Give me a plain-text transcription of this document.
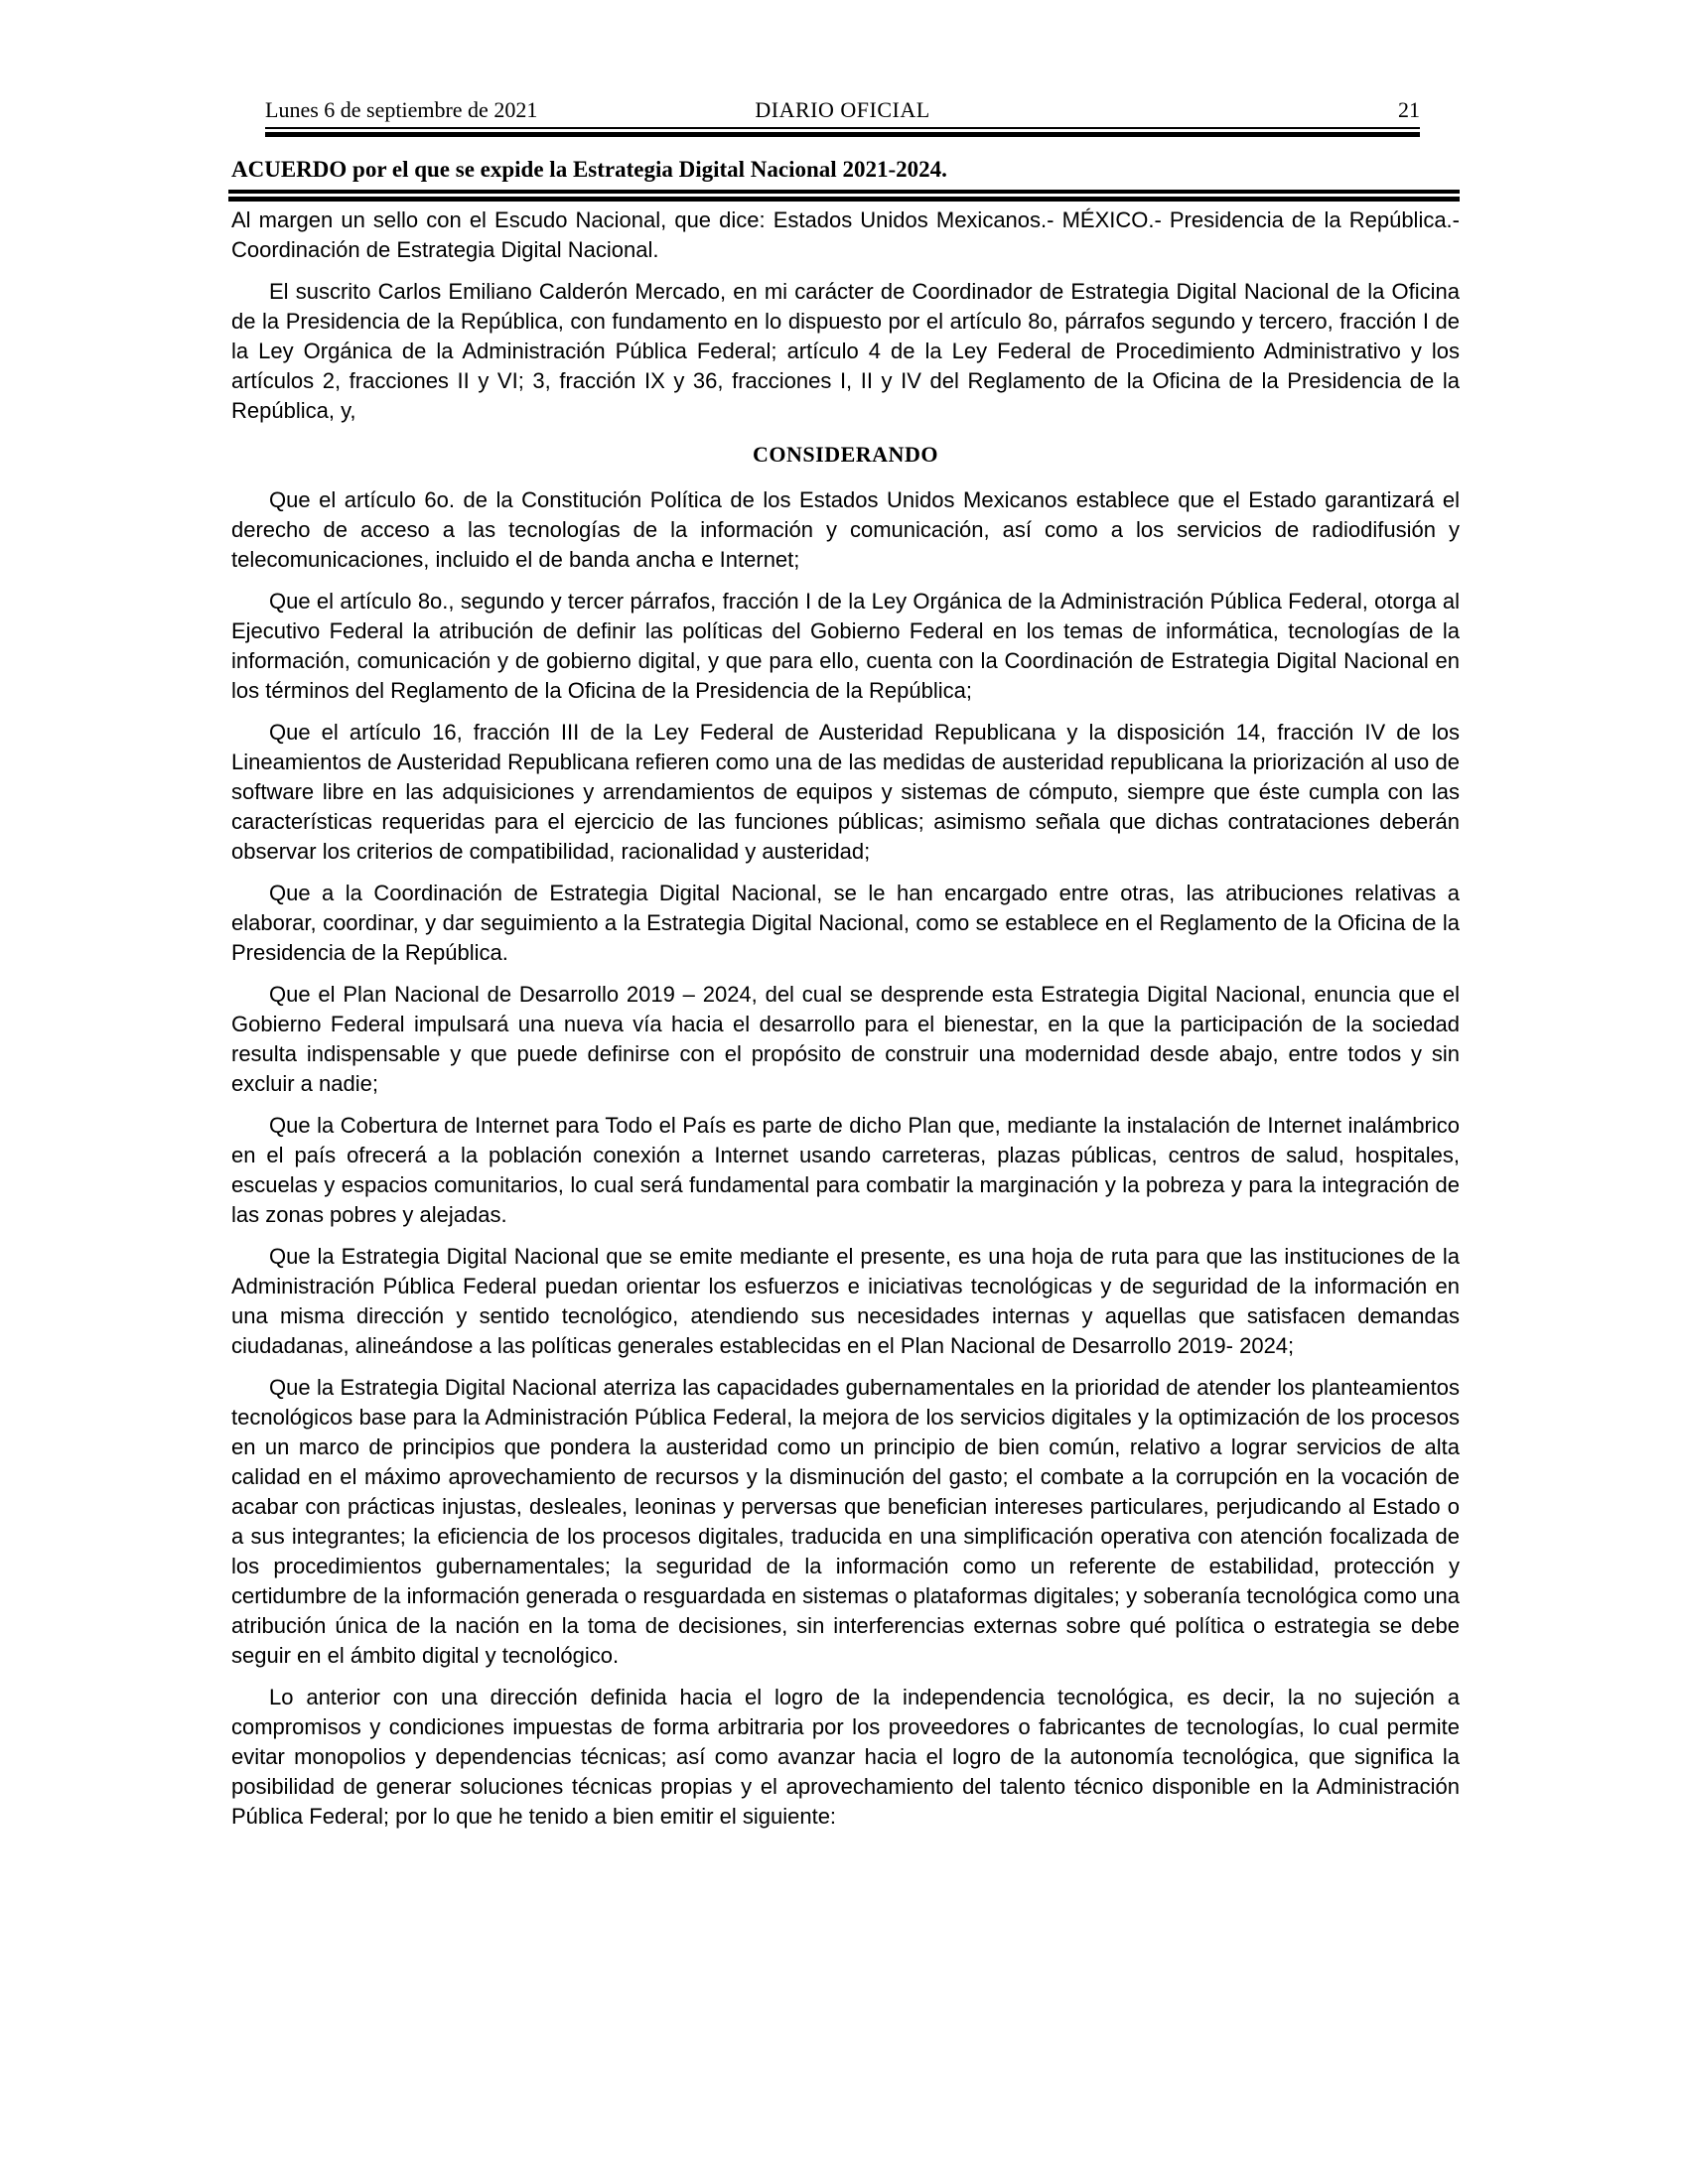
Lunes 6 de septiembre de 2021	DIARIO OFICIAL	21
ACUERDO por el que se expide la Estrategia Digital Nacional 2021-2024.

Al margen un sello con el Escudo Nacional, que dice: Estados Unidos Mexicanos.- MÉXICO.- Presidencia de la República.- Coordinación de Estrategia Digital Nacional.

El suscrito Carlos Emiliano Calderón Mercado, en mi carácter de Coordinador de Estrategia Digital Nacional de la Oficina de la Presidencia de la República, con fundamento en lo dispuesto por el artículo 8o, párrafos segundo y tercero, fracción I de la Ley Orgánica de la Administración Pública Federal; artículo 4 de la Ley Federal de Procedimiento Administrativo y los artículos 2, fracciones II y VI; 3, fracción IX y 36, fracciones I, II y IV del Reglamento de la Oficina de la Presidencia de la República, y,

CONSIDERANDO

Que el artículo 6o. de la Constitución Política de los Estados Unidos Mexicanos establece que el Estado garantizará el derecho de acceso a las tecnologías de la información y comunicación, así como a los servicios de radiodifusión y telecomunicaciones, incluido el de banda ancha e Internet;

Que el artículo 8o., segundo y tercer párrafos, fracción I de la Ley Orgánica de la Administración Pública Federal, otorga al Ejecutivo Federal la atribución de definir las políticas del Gobierno Federal en los temas de informática, tecnologías de la información, comunicación y de gobierno digital, y que para ello, cuenta con la Coordinación de Estrategia Digital Nacional en los términos del Reglamento de la Oficina de la Presidencia de la República;

Que el artículo 16, fracción III de la Ley Federal de Austeridad Republicana y la disposición 14, fracción IV de los Lineamientos de Austeridad Republicana refieren como una de las medidas de austeridad republicana la priorización al uso de software libre en las adquisiciones y arrendamientos de equipos y sistemas de cómputo, siempre que éste cumpla con las características requeridas para el ejercicio de las funciones públicas; asimismo señala que dichas contrataciones deberán observar los criterios de compatibilidad, racionalidad y austeridad;

Que a la Coordinación de Estrategia Digital Nacional, se le han encargado entre otras, las atribuciones relativas a elaborar, coordinar, y dar seguimiento a la Estrategia Digital Nacional, como se establece en el Reglamento de la Oficina de la Presidencia de la República.

Que el Plan Nacional de Desarrollo 2019 – 2024, del cual se desprende esta Estrategia Digital Nacional, enuncia que el Gobierno Federal impulsará una nueva vía hacia el desarrollo para el bienestar, en la que la participación de la sociedad resulta indispensable y que puede definirse con el propósito de construir una modernidad desde abajo, entre todos y sin excluir a nadie;

Que la Cobertura de Internet para Todo el País es parte de dicho Plan que, mediante la instalación de Internet inalámbrico en el país ofrecerá a la población conexión a Internet usando carreteras, plazas públicas, centros de salud, hospitales, escuelas y espacios comunitarios, lo cual será fundamental para combatir la marginación y la pobreza y para la integración de las zonas pobres y alejadas.

Que la Estrategia Digital Nacional que se emite mediante el presente, es una hoja de ruta para que las instituciones de la Administración Pública Federal puedan orientar los esfuerzos e iniciativas tecnológicas y de seguridad de la información en una misma dirección y sentido tecnológico, atendiendo sus necesidades internas y aquellas que satisfacen demandas ciudadanas, alineándose a las políticas generales establecidas en el Plan Nacional de Desarrollo 2019- 2024;

Que la Estrategia Digital Nacional aterriza las capacidades gubernamentales en la prioridad de atender los planteamientos tecnológicos base para la Administración Pública Federal, la mejora de los servicios digitales y la optimización de los procesos en un marco de principios que pondera la austeridad como un principio de bien común, relativo a lograr servicios de alta calidad en el máximo aprovechamiento de recursos y la disminución del gasto; el combate a la corrupción en la vocación de acabar con prácticas injustas, desleales, leoninas y perversas que benefician intereses particulares, perjudicando al Estado o a sus integrantes; la eficiencia de los procesos digitales, traducida en una simplificación operativa con atención focalizada de los procedimientos gubernamentales; la seguridad de la información como un referente de estabilidad, protección y certidumbre de la información generada o resguardada en sistemas o plataformas digitales; y soberanía tecnológica como una atribución única de la nación en la toma de decisiones, sin interferencias externas sobre qué política o estrategia se debe seguir en el ámbito digital y tecnológico.

Lo anterior con una dirección definida hacia el logro de la independencia tecnológica, es decir, la no sujeción a compromisos y condiciones impuestas de forma arbitraria por los proveedores o fabricantes de tecnologías, lo cual permite evitar monopolios y dependencias técnicas; así como avanzar hacia el logro de la autonomía tecnológica, que significa la posibilidad de generar soluciones técnicas propias y el aprovechamiento del talento técnico disponible en la Administración Pública Federal; por lo que he tenido a bien emitir el siguiente:
